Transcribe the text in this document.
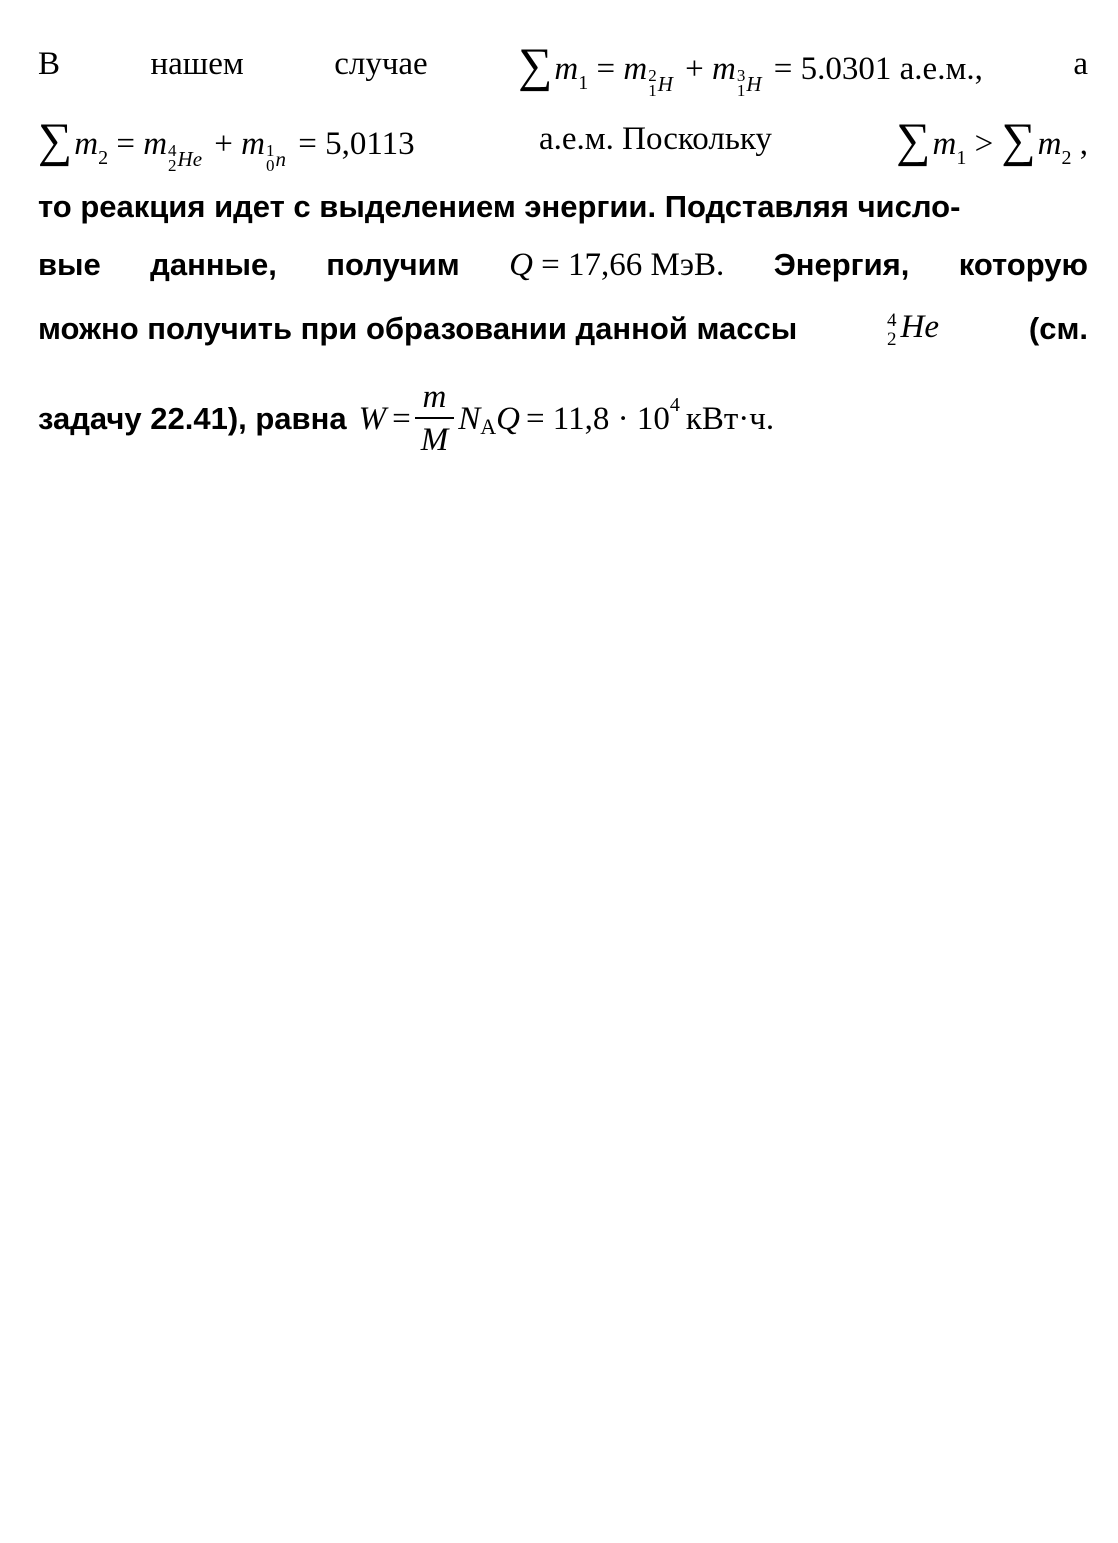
В	нашем	случае $\sum m_1 = m$ 2
1 $_H$ + m 3
1 $_H$ = 5.0301 а.е.м.,	а
$\sum m_2 = m$ 4
2 $_{He}$ + m 1
0 $_n$ = 5,0113	а.е.м. Поскольку	$\sum m_1 > \sum m_2$ ,
то реакция идет с выделением энергии. Подставляя число-
вые данные, получим Q = 17,66 МэВ. Энергия, которую
можно получить при образовании данной массы	4
2 He	(см.
задачу 22.41), равна $W = \frac{m}{M}$ N A Q = 11,8 · 10 4 кВт·ч.
